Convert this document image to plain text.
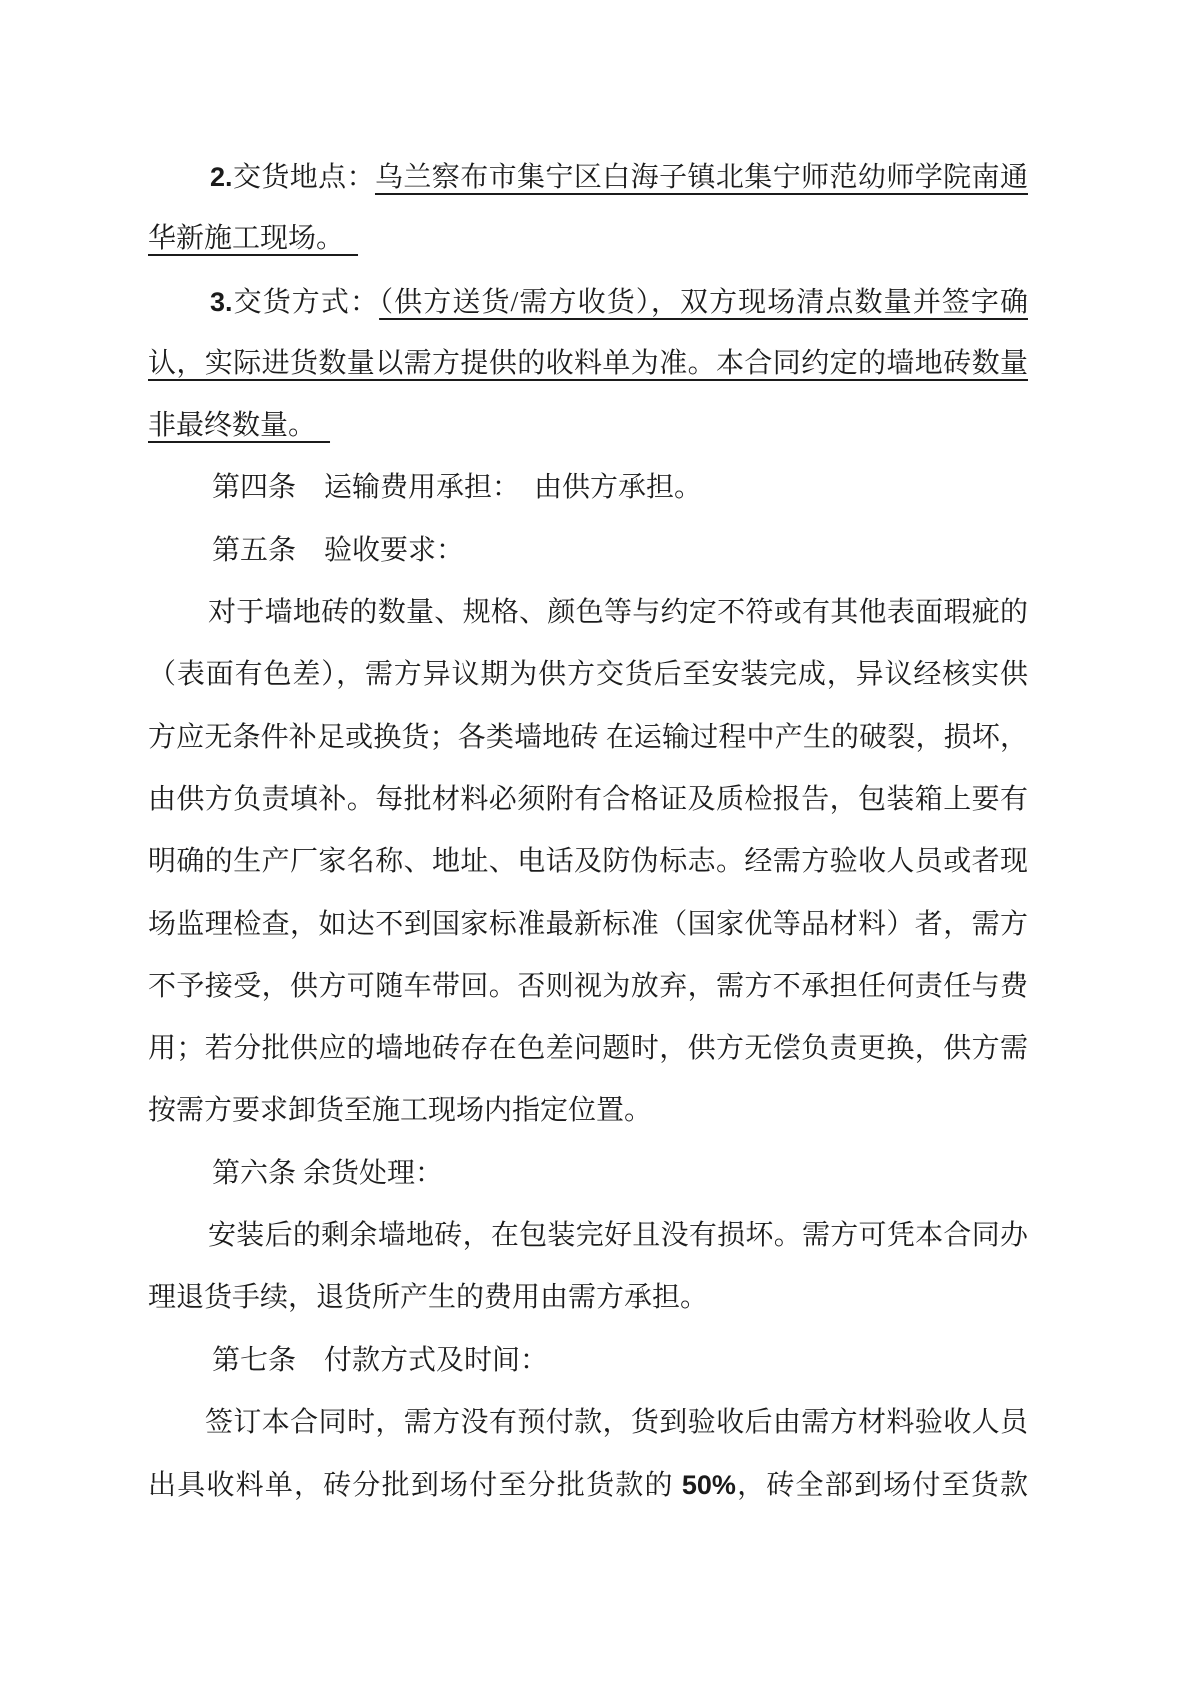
2.交货地点：乌兰察布市集宁区白海子镇北集宁师范幼师学院南通
华新施工现场。　
3.交货方式：（供方送货/需方收货），双方现场清点数量并签字确
认，实际进货数量以需方提供的收料单为准。本合同约定的墙地砖数量
非最终数量。　
第四条　运输费用承担：　由供方承担。
第五条　验收要求：
对于墙地砖的数量、规格、颜色等与约定不符或有其他表面瑕疵的
（表面有色差），需方异议期为供方交货后至安装完成，异议经核实供
方应无条件补足或换货；各类墙地砖 在运输过程中产生的破裂，损坏，
由供方负责填补。每批材料必须附有合格证及质检报告，包装箱上要有
明确的生产厂家名称、地址、电话及防伪标志。经需方验收人员或者现
场监理检查，如达不到国家标准最新标准（国家优等品材料）者，需方
不予接受，供方可随车带回。否则视为放弃，需方不承担任何责任与费
用；若分批供应的墙地砖存在色差问题时，供方无偿负责更换，供方需
按需方要求卸货至施工现场内指定位置。
第六条 余货处理：
安装后的剩余墙地砖，在包装完好且没有损坏。需方可凭本合同办
理退货手续，退货所产生的费用由需方承担。
第七条　付款方式及时间：
签订本合同时，需方没有预付款，货到验收后由需方材料验收人员
出具收料单，砖分批到场付至分批货款的 50%，砖全部到场付至货款
